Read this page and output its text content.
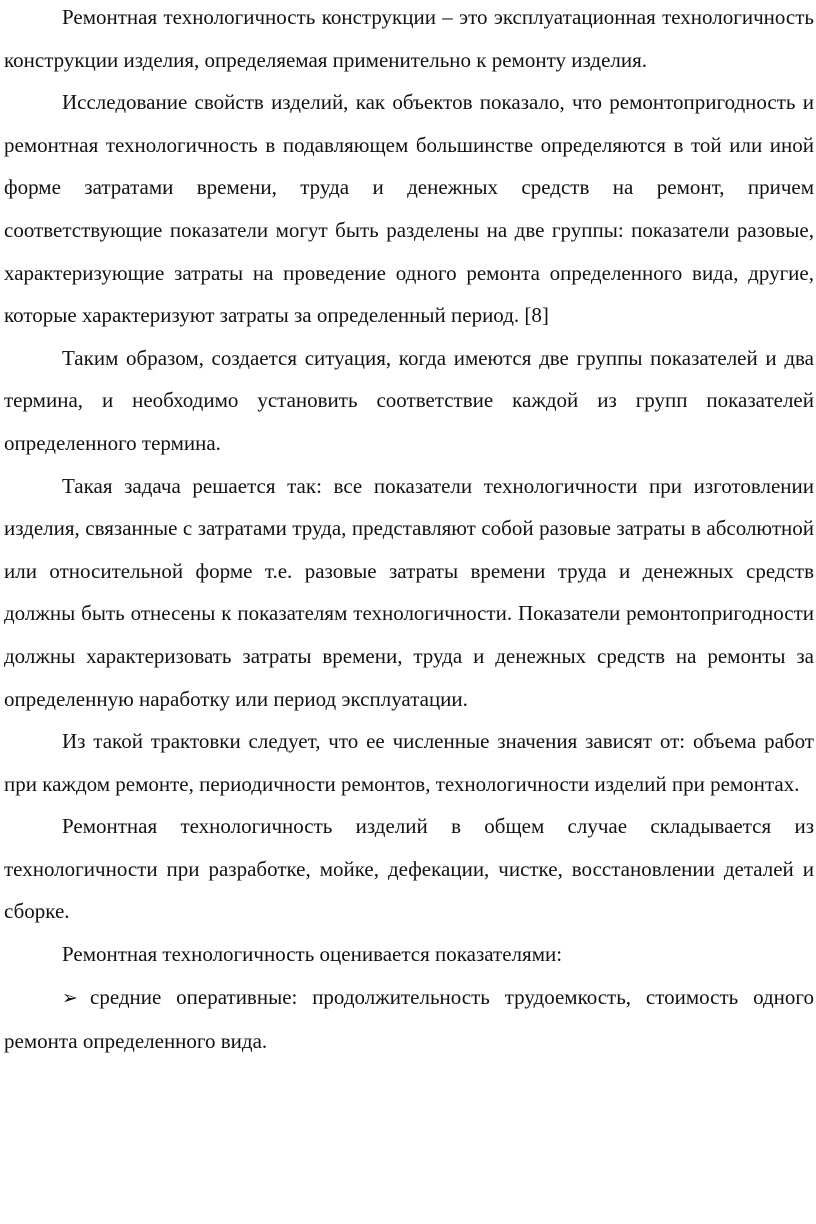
Ремонтная технологичность конструкции – это эксплуатационная технологичность конструкции изделия, определяемая применительно к ремонту изделия.

Исследование свойств изделий, как объектов показало, что ремонтопригодность и ремонтная технологичность в подавляющем большинстве определяются в той или иной форме затратами времени, труда и денежных средств на ремонт, причем соответствующие показатели могут быть разделены на две группы: показатели разовые, характеризующие затраты на проведение одного ремонта определенного вида, другие, которые характеризуют затраты за определенный период. [8]

Таким образом, создается ситуация, когда имеются две группы показателей и два термина, и необходимо установить соответствие каждой из групп показателей определенного термина.

Такая задача решается так: все показатели технологичности при изготовлении изделия, связанные с затратами труда, представляют собой разовые затраты в абсолютной или относительной форме т.е. разовые затраты времени труда и денежных средств должны быть отнесены к показателям технологичности. Показатели ремонтопригодности должны характеризовать затраты времени, труда и денежных средств на ремонты за определенную наработку или период эксплуатации.

Из такой трактовки следует, что ее численные значения зависят от: объема работ при каждом ремонте, периодичности ремонтов, технологичности изделий при ремонтах.

Ремонтная технологичность изделий в общем случае складывается из технологичности при разработке, мойке, дефекации, чистке, восстановлении деталей и сборке.

Ремонтная технологичность оценивается показателями:

➢ средние оперативные: продолжительность трудоемкость, стоимость одного ремонта определенного вида.
